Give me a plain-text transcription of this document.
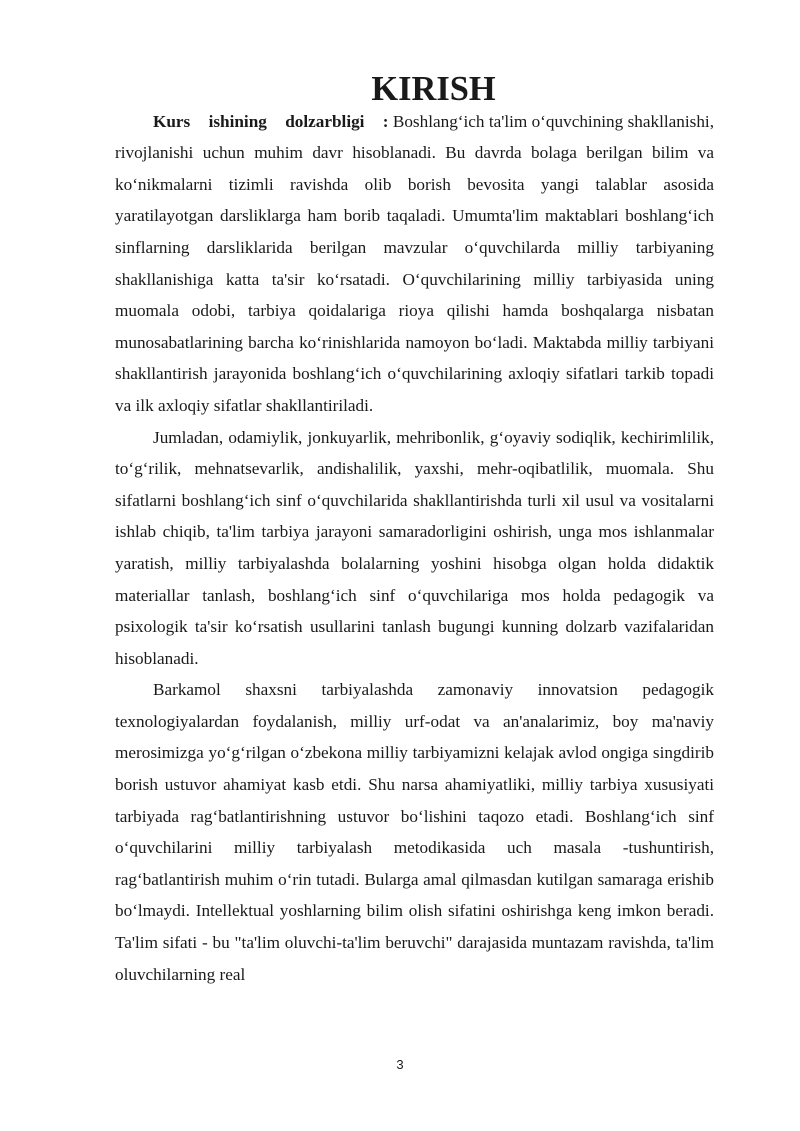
KIRISH

Kurs ishining dolzarbligi : Boshlangʻich ta'lim oʻquvchining shakllanishi, rivojlanishi uchun muhim davr hisoblanadi. Bu davrda bolaga berilgan bilim va koʻnikmalarni tizimli ravishda olib borish bevosita yangi talablar asosida yaratilayotgan darsliklarga ham borib taqaladi. Umumta'lim maktablari boshlangʻich sinflarning darsliklarida berilgan mavzular oʻquvchilarda milliy tarbiyaning shakllanishiga katta ta'sir koʻrsatadi. Oʻquvchilarining milliy tarbiyasida uning muomala odobi, tarbiya qoidalariga rioya qilishi hamda boshqalarga nisbatan munosabatlarining barcha koʻrinishlarida namoyon boʻladi. Maktabda milliy tarbiyani shakllantirish jarayonida boshlangʻich oʻquvchilarining axloqiy sifatlari tarkib topadi va ilk axloqiy sifatlar shakllantiriladi.

Jumladan, odamiylik, jonkuyarlik, mehribonlik, gʻoyaviy sodiqlik, kechirimlilik, toʻgʻrilik, mehnatsevarlik, andishalilik, yaxshi, mehr-oqibatlilik, muomala. Shu sifatlarni boshlangʻich sinf oʻquvchilarida shakllantirishda turli xil usul va vositalarni ishlab chiqib, ta'lim tarbiya jarayoni samaradorligini oshirish, unga mos ishlanmalar yaratish, milliy tarbiyalashda bolalarning yoshini hisobga olgan holda didaktik materiallar tanlash, boshlangʻich sinf oʻquvchilariga mos holda pedagogik va psixologik ta'sir koʻrsatish usullarini tanlash bugungi kunning dolzarb vazifalaridan hisoblanadi.

Barkamol shaxsni tarbiyalashda zamonaviy innovatsion pedagogik texnologiyalardan foydalanish, milliy urf-odat va an'analarimiz, boy ma'naviy merosimizga yoʻgʻrilgan oʻzbekona milliy tarbiyamizni kelajak avlod ongiga singdirib borish ustuvor ahamiyat kasb etdi. Shu narsa ahamiyatliki, milliy tarbiya xususiyati tarbiyada ragʻbatlantirishning ustuvor boʻlishini taqozo etadi. Boshlangʻich sinf oʻquvchilarini milliy tarbiyalash metodikasida uch masala -tushuntirish, ragʻbatlantirish muhim oʻrin tutadi. Bularga amal qilmasdan kutilgan samaraga erishib boʻlmaydi. Intellektual yoshlarning bilim olish sifatini oshirishga keng imkon beradi. Ta'lim sifati - bu "ta'lim oluvchi-ta'lim beruvchi" darajasida muntazam ravishda, ta'lim oluvchilarning real

3
